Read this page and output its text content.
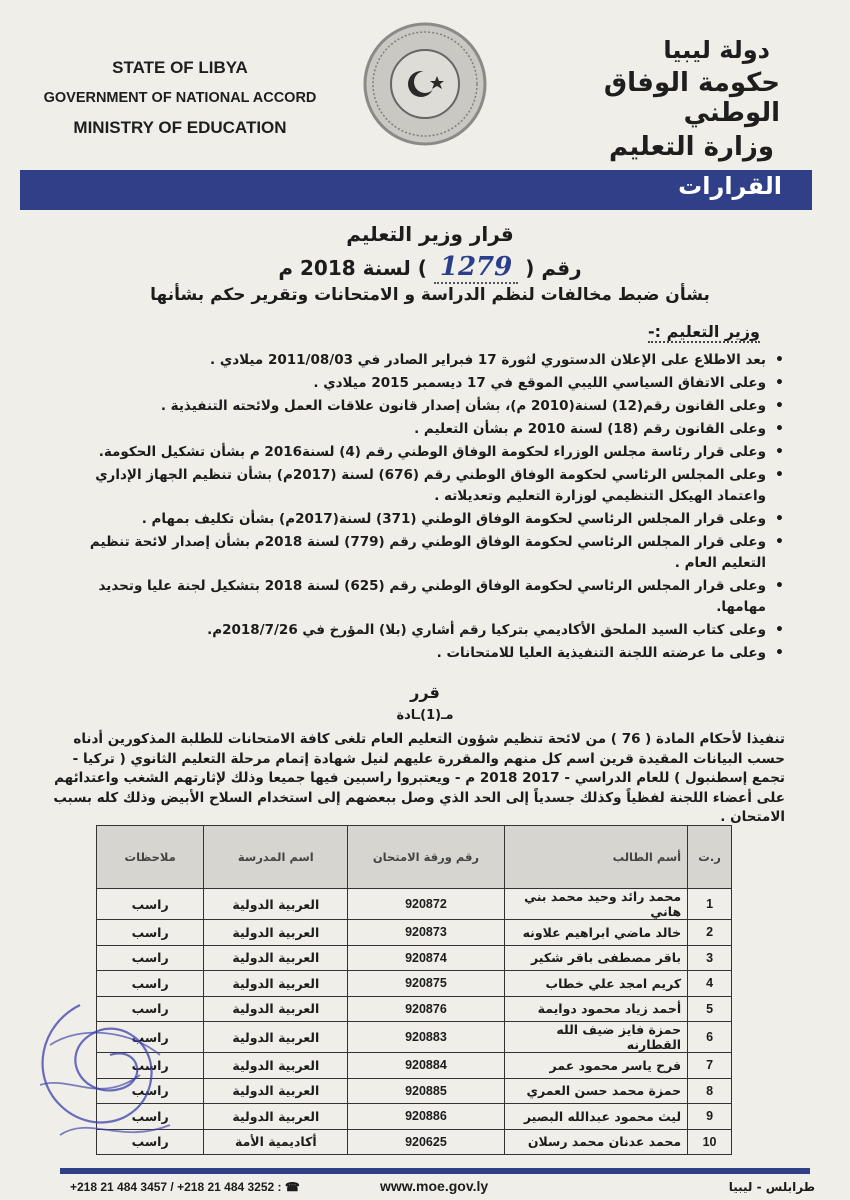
STATE OF LIBYA
GOVERNMENT OF NATIONAL ACCORD
MINISTRY OF EDUCATION
دولة ليبيا
حكومة الوفاق الوطني
وزارة التعليم
القرارات
قرار وزير التعليم
رقم ( 1279 ) لسنة 2018 م
بشأن ضبط مخالفات لنظم الدراسة و الامتحانات وتقرير حكم بشأنها
وزير التعليم :-
• بعد الاطلاع على الإعلان الدستوري لثورة 17 فبراير الصادر في 2011/08/03 ميلادي .
• وعلى الاتفاق السياسي الليبي الموقع في 17 ديسمبر 2015 ميلادي .
• وعلى القانون رقم(12) لسنة(2010 م)، بشأن إصدار قانون علاقات العمل ولائحته التنفيذية .
• وعلى القانون رقم (18) لسنة 2010 م بشأن التعليم .
• وعلى قرار رئاسة مجلس الوزراء لحكومة الوفاق الوطني رقم (4) لسنة2016 م بشأن تشكيل الحكومة.
• وعلى المجلس الرئاسي لحكومة الوفاق الوطني رقم (676) لسنة (2017م) بشأن تنظيم الجهاز الإداري واعتماد الهيكل التنظيمي لوزارة التعليم وتعديلاته .
• وعلى قرار المجلس الرئاسي لحكومة الوفاق الوطني (371) لسنة(2017م) بشأن تكليف بمهام .
• وعلى قرار المجلس الرئاسي لحكومة الوفاق الوطني رقم (779) لسنة 2018م بشأن إصدار لائحة تنظيم التعليم العام .
• وعلى قرار المجلس الرئاسي لحكومة الوفاق الوطني رقم (625) لسنة 2018 بتشكيل لجنة عليا وتحديد مهامها.
• وعلى كتاب السيد الملحق الأكاديمي بتركيا رقم أشاري (بلا) المؤرخ في 2018/7/26م.
• وعلى ما عرضته اللجنة التنفيذية العليا للامتحانات .
قرر
مـ(1)ـادة
تنفيذا لأحكام المادة ( 76 ) من لائحة تنظيم شؤون التعليم العام تلغى كافة الامتحانات للطلبة المذكورين أدناه حسب البيانات المقيدة قرين اسم كل منهم والمقررة عليهم لنيل شهادة إتمام مرحلة التعليم الثانوي ( تركيا - تجمع إسطنبول ) للعام الدراسي - 2017 2018 م - ويعتبروا راسبين فيها جميعا وذلك لإثارتهم الشغب واعتدائهم على أعضاء اللجنة لفظياً وكذلك جسدياً إلى الحد الذي وصل ببعضهم إلى استخدام السلاح الأبيض وذلك كله بسبب الامتحان .
ر.ت	أسم الطالب	رقم ورقة الامتحان	اسم المدرسة	ملاحظات
1	محمد رائد وحيد محمد بني هاني	920872	العربية الدولية	راسب
2	خالد ماضي ابراهيم علاونه	920873	العربية الدولية	راسب
3	باقر مصطفى باقر شكير	920874	العربية الدولية	راسب
4	كريم امجد علي خطاب	920875	العربية الدولية	راسب
5	أحمد زياد محمود دوايمة	920876	العربية الدولية	راسب
6	حمزة فايز ضيف الله القطارنه	920883	العربية الدولية	راسب
7	فرح ياسر محمود عمر	920884	العربية الدولية	راسب
8	حمزة محمد حسن العمري	920885	العربية الدولية	راسب
9	ليث محمود عبدالله البصير	920886	العربية الدولية	راسب
10	محمد عدنان محمد رسلان	920625	أكاديمية الأمة	راسب
+218 21 484 3457 / +218 21 484 3252 : ☎	www.moe.gov.ly	طرابلس - ليبيا
